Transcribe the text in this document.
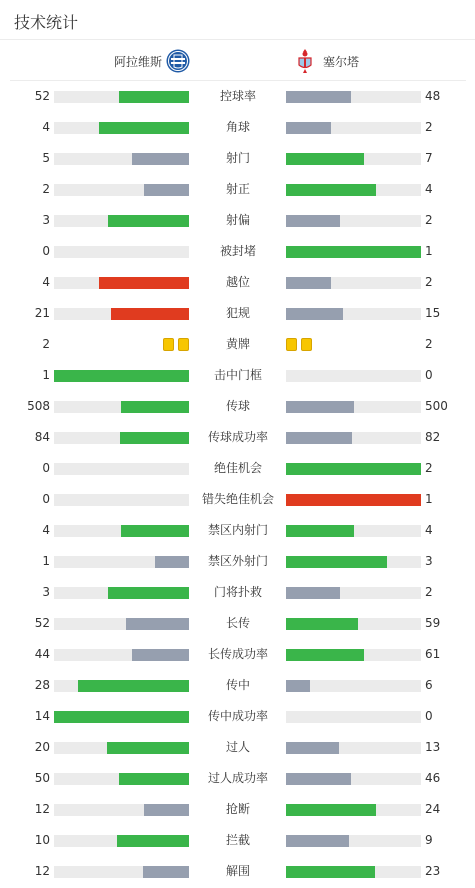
技术统计
阿拉维斯	塞尔塔
52	控球率	48
4	角球	2
5	射门	7
2	射正	4
3	射偏	2
0	被封堵	1
4	越位	2
21	犯规	15
2	黄牌	2
1	击中门框	0
508	传球	500
84	传球成功率	82
0	绝佳机会	2
0	错失绝佳机会	1
4	禁区内射门	4
1	禁区外射门	3
3	门将扑救	2
52	长传	59
44	长传成功率	61
28	传中	6
14	传中成功率	0
20	过人	13
50	过人成功率	46
12	抢断	24
10	拦截	9
12	解围	23
